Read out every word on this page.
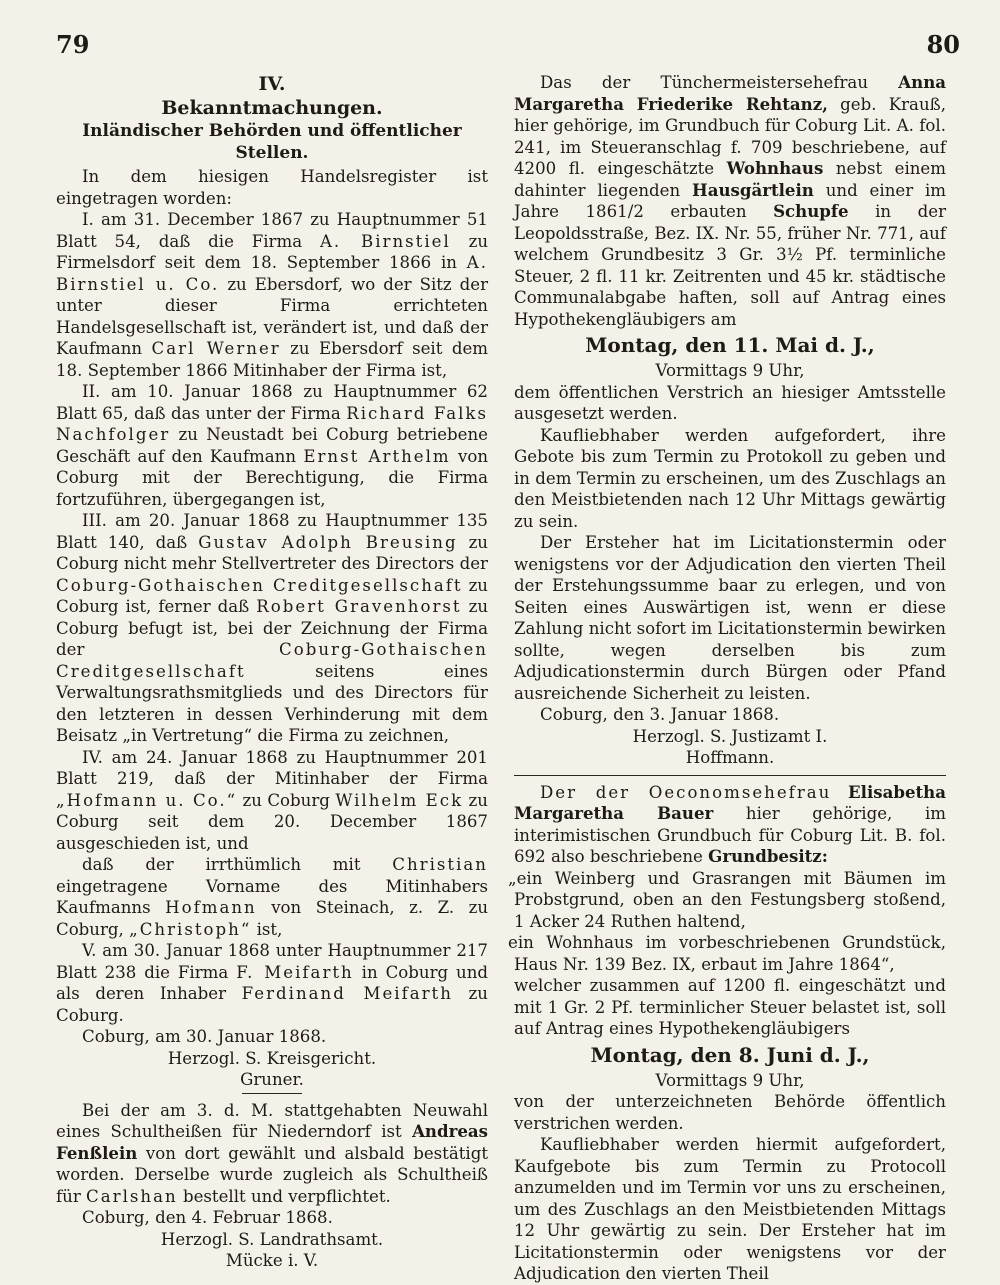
79	80

IV.

Bekanntmachungen.

Inländischer Behörden und öffentlicher Stellen.

In dem hiesigen Handelsregister ist eingetragen worden:

I. am 31. December 1867 zu Hauptnummer 51 Blatt 54, daß die Firma A. Birnstiel zu Firmelsdorf seit dem 18. September 1866 in A. Birnstiel u. Co. zu Ebersdorf, wo der Sitz der unter dieser Firma errichteten Handelsgesellschaft ist, verändert ist, und daß der Kaufmann Carl Werner zu Ebersdorf seit dem 18. September 1866 Mitinhaber der Firma ist,

II. am 10. Januar 1868 zu Hauptnummer 62 Blatt 65, daß das unter der Firma Richard Falks Nachfolger zu Neustadt bei Coburg betriebene Geschäft auf den Kaufmann Ernst Arthelm von Coburg mit der Berechtigung, die Firma fortzuführen, übergegangen ist,

III. am 20. Januar 1868 zu Hauptnummer 135 Blatt 140, daß Gustav Adolph Breusing zu Coburg nicht mehr Stellvertreter des Directors der Coburg-Gothaischen Creditgesellschaft zu Coburg ist, ferner daß Robert Gravenhorst zu Coburg befugt ist, bei der Zeichnung der Firma der	Coburg-Gothaischen Creditgesellschaft	seitens eines Verwaltungsrathsmitglieds und des Directors für den letzteren in dessen Verhinderung mit dem Beisatz „in Vertretung“ die Firma zu zeichnen,

IV. am 24. Januar 1868 zu Hauptnummer 201 Blatt 219, daß der Mitinhaber der Firma „Hofmann u. Co.“ zu Coburg Wilhelm Eck zu Coburg seit dem 20. December 1867 ausgeschieden ist, und

daß der irrthümlich mit Christian eingetragene Vorname des Mitinhabers Kaufmanns Hofmann von Steinach, z. Z. zu Coburg, „Christoph“ ist,

V. am 30. Januar 1868 unter Hauptnummer 217 Blatt 238 die Firma F. Meifarth in Coburg und als deren Inhaber Ferdinand Meifarth zu Coburg.

Coburg, am 30. Januar 1868.

Herzogl. S. Kreisgericht.

Gruner.

Bei der am 3. d. M. stattgehabten Neuwahl eines Schultheißen für Niederndorf ist Andreas Fenßlein von dort gewählt und alsbald bestätigt worden. Derselbe wurde zugleich als Schultheiß für Carlshan bestellt und verpflichtet.

Coburg, den 4. Februar 1868.

Herzogl. S. Landrathsamt.

Mücke i. V.

Das der Tünchermeistersehefrau Anna Margaretha Friederike Rehtanz, geb. Krauß, hier gehörige, im Grundbuch für Coburg Lit. A. fol. 241, im Steueranschlag f. 709 beschriebene, auf 4200 fl. eingeschätzte Wohnhaus nebst einem dahinter liegenden Hausgärtlein und einer im Jahre 1861/2 erbauten Schupfe in der Leopoldsstraße, Bez. IX. Nr. 55, früher Nr. 771, auf welchem Grundbesitz 3 Gr. 3½ Pf. terminliche Steuer, 2 fl. 11 kr. Zeitrenten und 45 kr. städtische Communalabgabe haften, soll auf Antrag eines Hypothekengläubigers am

Montag, den 11. Mai d. J.,

Vormittags 9 Uhr,

dem öffentlichen Verstrich an hiesiger Amtsstelle ausgesetzt werden.

Kaufliebhaber werden aufgefordert, ihre Gebote bis zum Termin zu Protokoll zu geben und in dem Termin zu erscheinen, um des Zuschlags an den Meistbietenden nach 12 Uhr Mittags gewärtig zu sein.

Der Ersteher hat im Licitationstermin oder wenigstens vor der Adjudication den vierten Theil der Erstehungssumme baar zu erlegen, und von Seiten eines Auswärtigen ist, wenn er diese Zahlung nicht sofort im Licitationstermin bewirken sollte, wegen derselben bis zum Adjudicationstermin durch Bürgen oder Pfand ausreichende Sicherheit zu leisten.

Coburg, den 3. Januar 1868.

Herzogl. S. Justizamt I.

Hoffmann.

Der der Oeconomsehefrau Elisabetha Margaretha Bauer hier gehörige, im interimistischen Grundbuch für Coburg Lit. B. fol. 692 also beschriebene Grundbesitz:

„ein Weinberg und Grasrangen mit Bäumen im Probstgrund, oben an den Festungsberg stoßend, 1 Acker 24 Ruthen haltend,

ein Wohnhaus im vorbeschriebenen Grundstück, Haus Nr. 139 Bez. IX, erbaut im Jahre 1864“,

welcher zusammen auf 1200 fl. eingeschätzt und mit 1 Gr. 2 Pf. terminlicher Steuer belastet ist, soll auf Antrag eines Hypothekengläubigers

Montag, den 8. Juni d. J.,

Vormittags 9 Uhr,

von der unterzeichneten Behörde öffentlich verstrichen werden.

Kaufliebhaber werden hiermit aufgefordert, Kaufgebote bis zum Termin zu Protocoll anzumelden und im Termin vor uns zu erscheinen, um des Zuschlags an den Meistbietenden Mittags 12 Uhr gewärtig zu sein. Der Ersteher hat im Licitationstermin oder wenigstens vor der Adjudication den vierten Theil
